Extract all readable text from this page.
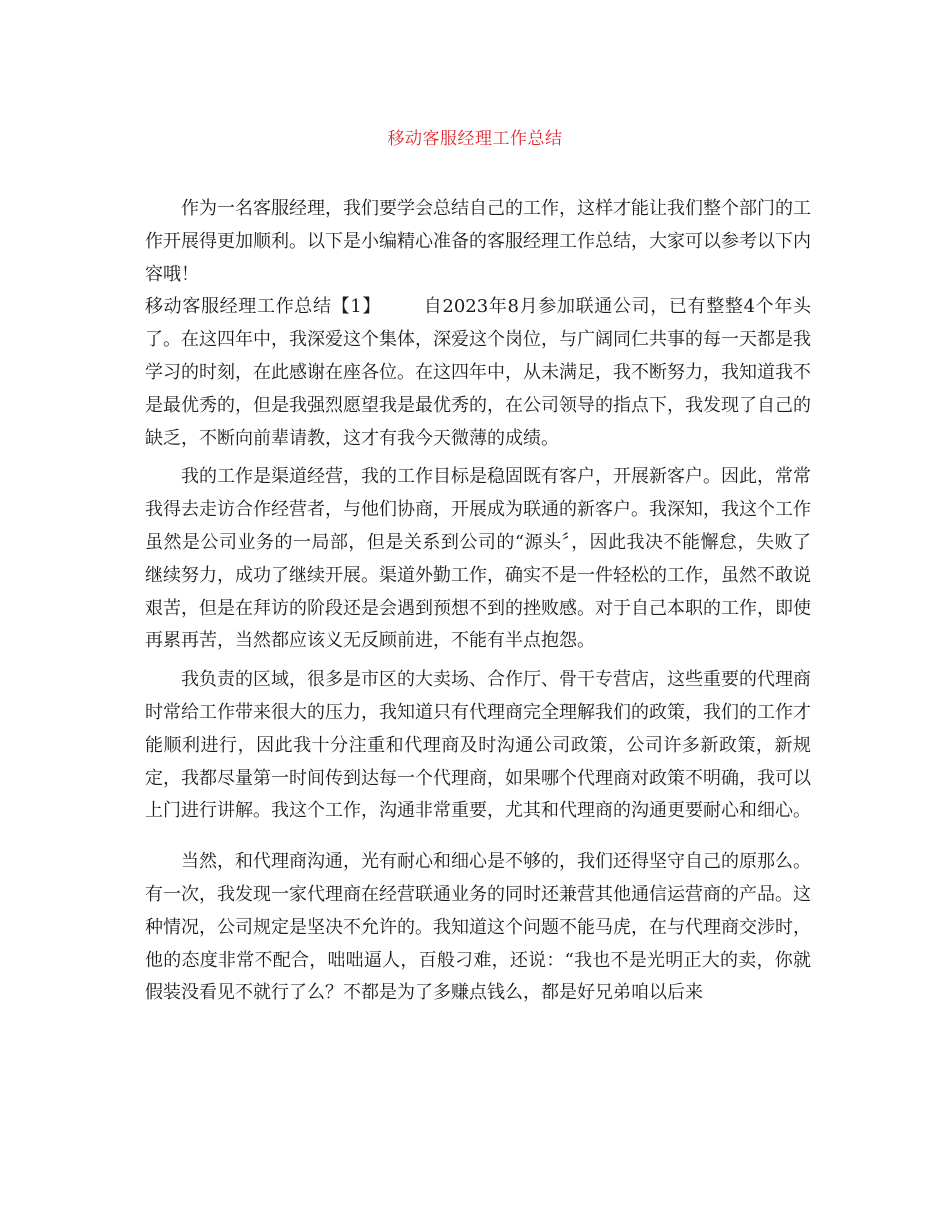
移动客服经理工作总结

作为一名客服经理，我们要学会总结自己的工作，这样才能让我们整个部门的工作开展得更加顺利。以下是小编精心准备的客服经理工作总结，大家可以参考以下内容哦！

移动客服经理工作总结【1】 自2023年8月参加联通公司，已有整整4个年头了。在这四年中，我深爱这个集体，深爱这个岗位，与广阔同仁共事的每一天都是我学习的时刻，在此感谢在座各位。在这四年中，从未满足，我不断努力，我知道我不是最优秀的，但是我强烈愿望我是最优秀的，在公司领导的指点下，我发现了自己的缺乏，不断向前辈请教，这才有我今天微薄的成绩。

我的工作是渠道经营，我的工作目标是稳固既有客户，开展新客户。因此，常常我得去走访合作经营者，与他们协商，开展成为联通的新客户。我深知，我这个工作虽然是公司业务的一局部，但是关系到公司的“源头〞，因此我决不能懈怠，失败了继续努力，成功了继续开展。渠道外勤工作，确实不是一件轻松的工作，虽然不敢说艰苦，但是在拜访的阶段还是会遇到预想不到的挫败感。对于自己本职的工作，即使再累再苦，当然都应该义无反顾前进，不能有半点抱怨。

我负责的区域，很多是市区的大卖场、合作厅、骨干专营店，这些重要的代理商时常给工作带来很大的压力，我知道只有代理商完全理解我们的政策，我们的工作才能顺利进行，因此我十分注重和代理商及时沟通公司政策，公司许多新政策，新规定，我都尽量第一时间传到达每一个代理商，如果哪个代理商对政策不明确，我可以上门进行讲解。我这个工作，沟通非常重要，尤其和代理商的沟通更要耐心和细心。

当然，和代理商沟通，光有耐心和细心是不够的，我们还得坚守自己的原那么。有一次，我发现一家代理商在经营联通业务的同时还兼营其他通信运营商的产品。这种情况，公司规定是坚决不允许的。我知道这个问题不能马虎，在与代理商交涉时，他的态度非常不配合，咄咄逼人，百般刁难，还说：“我也不是光明正大的卖，你就假装没看见不就行了么？不都是为了多赚点钱么，都是好兄弟咱以后来
